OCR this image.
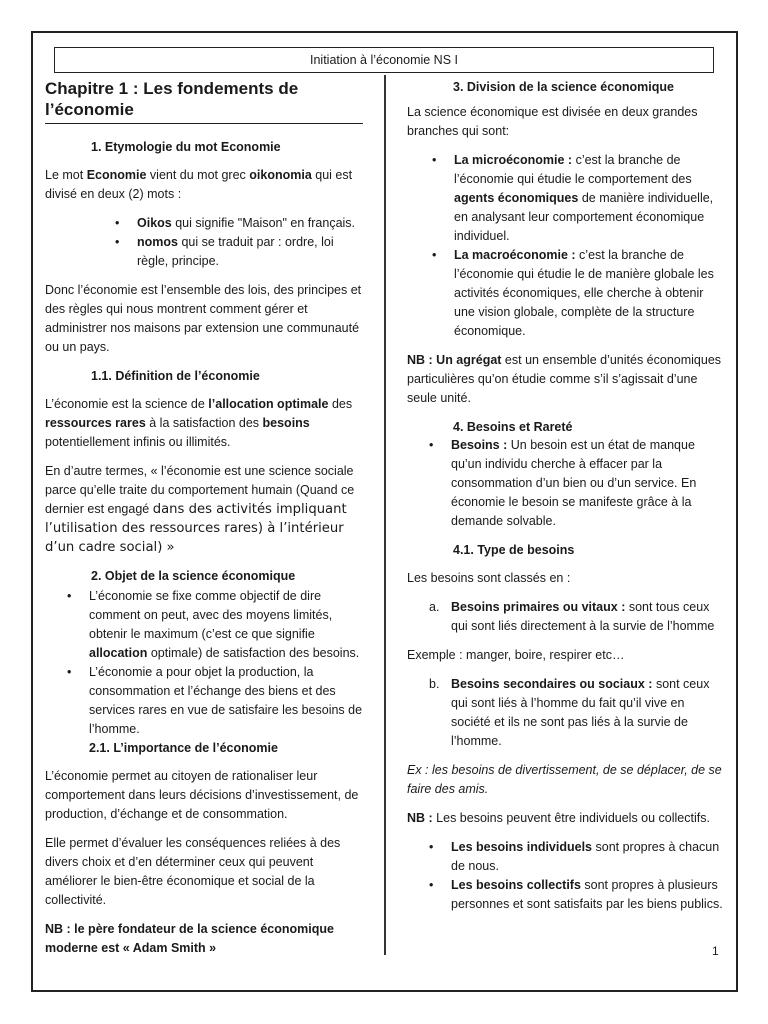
Initiation à l’économie NS I
Chapitre 1 : Les fondements de l’économie
1. Etymologie du mot Economie

Le mot Economie vient du mot grec oikonomia qui est divisé en deux (2) mots :

• Oikos qui signifie "Maison" en français.
• nomos qui se traduit par : ordre, loi règle, principe.

Donc l’économie est l’ensemble des lois, des principes et des règles qui nous montrent comment gérer et administrer nos maisons par extension une communauté ou un pays.

1.1. Définition de l’économie

L’économie est la science de l’allocation optimale des ressources rares à la satisfaction des besoins potentiellement infinis ou illimités.

En d’autre termes, « l’économie est une science sociale parce qu’elle traite du comportement humain (Quand ce dernier est engagé dans des activités impliquant l’utilisation des ressources rares) à l’intérieur d’un cadre social) »

2. Objet de la science économique
• L’économie se fixe comme objectif de dire comment on peut, avec des moyens limités, obtenir le maximum (c’est ce que signifie allocation optimale) de satisfaction des besoins.
• L’économie a pour objet la production, la consommation et l’échange des biens et des services rares en vue de satisfaire les besoins de l’homme.
2.1. L’importance de l’économie

L’économie permet au citoyen de rationaliser leur comportement dans leurs décisions d’investissement, de production, d’échange et de consommation.

Elle permet d’évaluer les conséquences reliées à des divers choix et d’en déterminer ceux qui peuvent améliorer le bien-être économique et social de la collectivité.

NB : le père fondateur de la science économique moderne est « Adam Smith »

3. Division de la science économique

La science économique est divisée en deux grandes branches qui sont:

• La microéconomie : c’est la branche de l’économie qui étudie le comportement des agents économiques de manière individuelle, en analysant leur comportement économique individuel.
• La macroéconomie : c’est la branche de l’économie qui étudie le de manière globale les activités économiques, elle cherche à obtenir une vision globale, complète de la structure économique.

NB : Un agrégat est un ensemble d’unités économiques particulières qu’on étudie comme s’il s’agissait d’une seule unité.

4. Besoins et Rareté
• Besoins : Un besoin est un état de manque qu’un individu cherche à effacer par la consommation d’un bien ou d’un service. En économie le besoin se manifeste grâce à la demande solvable.
4.1. Type de besoins

Les besoins sont classés en :

a. Besoins primaires ou vitaux : sont tous ceux qui sont liés directement à la survie de l’homme

Exemple : manger, boire, respirer etc…

b. Besoins secondaires ou sociaux : sont ceux qui sont liés à l’homme du fait qu’il vive en société et ils ne sont pas liés à la survie de l’homme.

Ex : les besoins de divertissement, de se déplacer, de se faire des amis.

NB : Les besoins peuvent être individuels ou collectifs.

• Les besoins individuels sont propres à chacun de nous.
• Les besoins collectifs sont propres à plusieurs personnes et sont satisfaits par les biens publics.
1
